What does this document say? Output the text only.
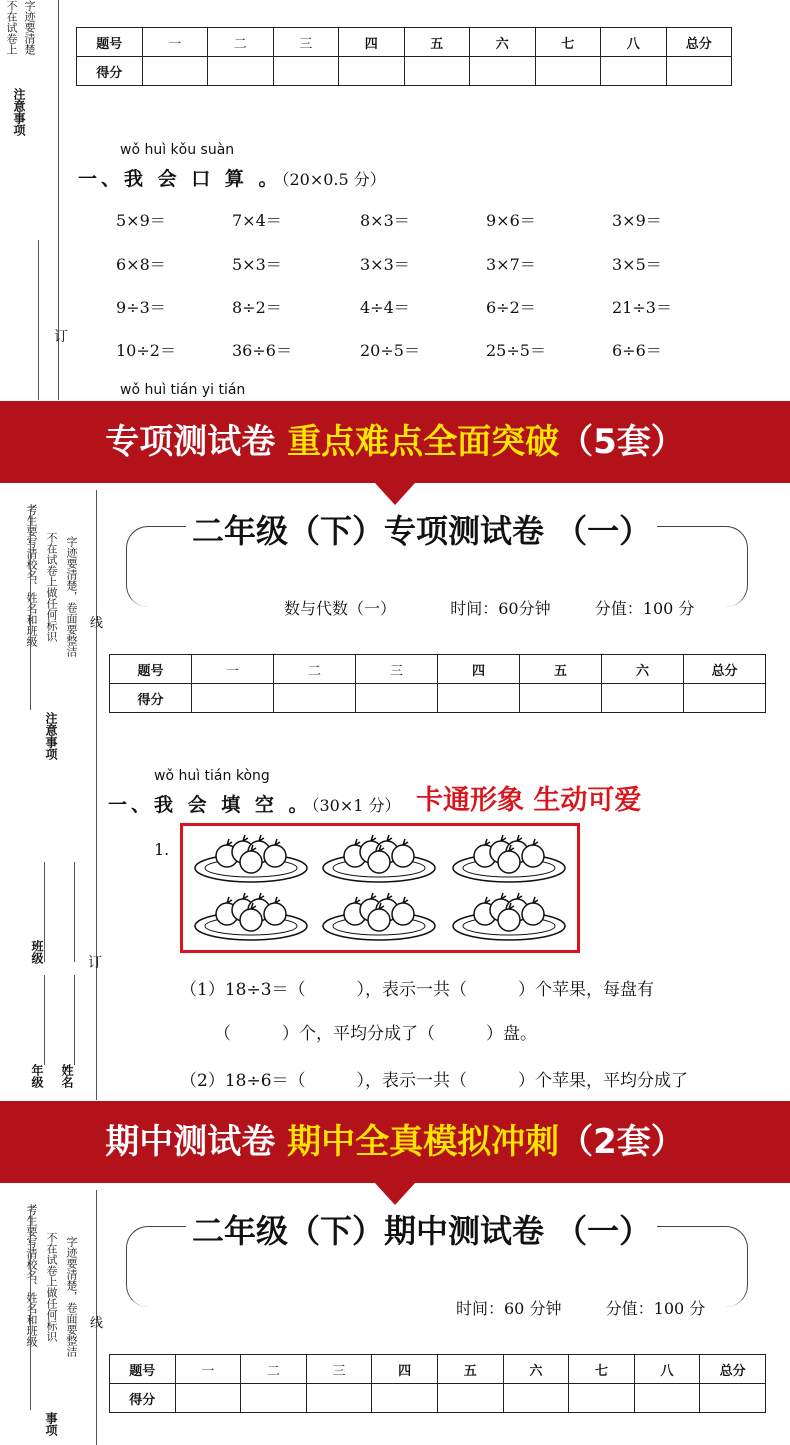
不在试卷上 字迹要清楚
注意事项
订
题号	一	二	三	四	五	六	七	八	总分
得分									
wǒ huì kǒu suàn
一、我 会 口 算 。（20×0.5 分）
5×9＝	7×4＝	8×3＝	9×6＝	3×9＝
6×8＝	5×3＝	3×3＝	3×7＝	3×5＝
9÷3＝	8÷2＝	4÷4＝	6÷2＝	21÷3＝
10÷2＝	36÷6＝	20÷5＝	25÷5＝	6÷6＝
wǒ huì tián yi tián
专项测试卷 重点难点全面突破（5套）
考生要写清校名、姓名和班级 不在试卷上做任何标识 字迹要清楚，卷面要整洁 线
注意事项
班级	订
年级 姓名
二年级（下）专项测试卷 （一）
数与代数（一）	时间：60分钟	分值：100 分
题号	一	二	三	四	五	六	总分
得分							
wǒ huì tián kòng
一、我 会 填 空 。（30×1 分） 卡通形象 生动可爱
1.
（1）18÷3＝（　　　），表示一共（　　　）个苹果，每盘有
（　　　）个，平均分成了（　　　）盘。
（2）18÷6＝（　　　），表示一共（　　　）个苹果，平均分成了
期中测试卷 期中全真模拟冲刺（2套）
考生要写清校名、姓名和班级 不在试卷上做任何标识 字迹要清楚，卷面要整洁 线
事项
二年级（下）期中测试卷 （一）
时间：60 分钟	分值：100 分
题号	一	二	三	四	五	六	七	八	总分
得分									
